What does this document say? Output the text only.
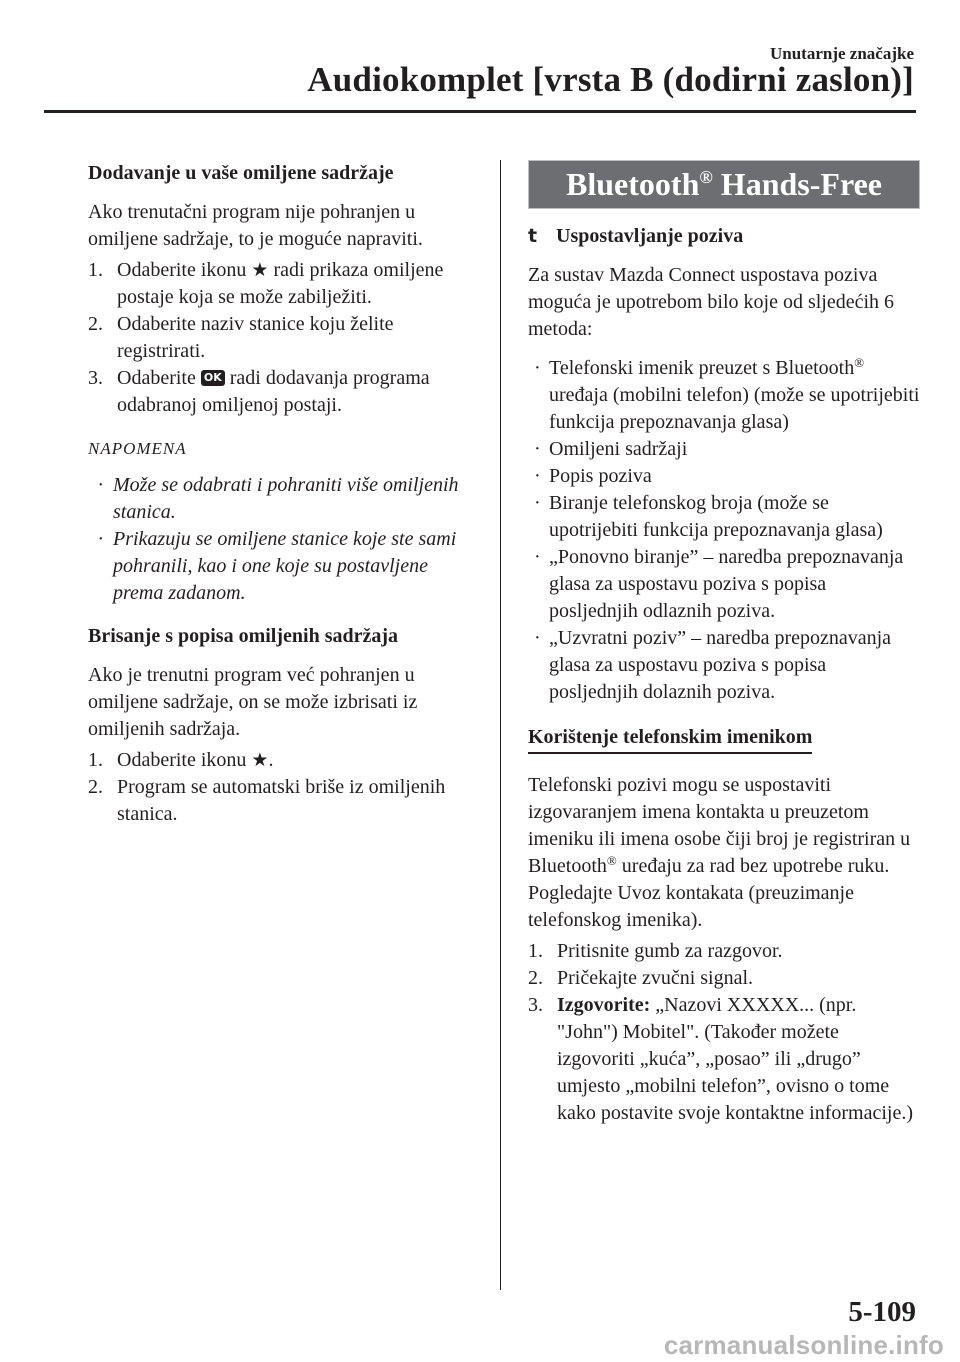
Unutarnje značajke
Audiokomplet [vrsta B (dodirni zaslon)]

Dodavanje u vaše omiljene sadržaje

Ako trenutačni program nije pohranjen u omiljene sadržaje, to je moguće napraviti.

1. Odaberite ikonu ★ radi prikaza omiljene postaje koja se može zabilježiti.
2. Odaberite naziv stanice koju želite registrirati.
3. Odaberite OK radi dodavanja programa odabranoj omiljenoj postaji.

NAPOMENA

· Može se odabrati i pohraniti više omiljenih stanica.
· Prikazuju se omiljene stanice koje ste sami pohranili, kao i one koje su postavljene prema zadanom.

Brisanje s popisa omiljenih sadržaja

Ako je trenutni program već pohranjen u omiljene sadržaje, on se može izbrisati iz omiljenih sadržaja.

1. Odaberite ikonu ★.
2. Program se automatski briše iz omiljenih stanica.
Bluetooth® Hands-Free
t Uspostavljanje poziva

Za sustav Mazda Connect uspostava poziva moguća je upotrebom bilo koje od sljedećih 6 metoda:

· Telefonski imenik preuzet s Bluetooth® uređaja (mobilni telefon) (može se upotrijebiti funkcija prepoznavanja glasa)
· Omiljeni sadržaji
· Popis poziva
· Biranje telefonskog broja (može se upotrijebiti funkcija prepoznavanja glasa)
· „Ponovno biranje” – naredba prepoznavanja glasa za uspostavu poziva s popisa posljednjih odlaznih poziva.
· „Uzvratni poziv” – naredba prepoznavanja glasa za uspostavu poziva s popisa posljednjih dolaznih poziva.
Korištenje telefonskim imenikom

Telefonski pozivi mogu se uspostaviti izgovaranjem imena kontakta u preuzetom imeniku ili imena osobe čiji broj je registriran u Bluetooth® uređaju za rad bez upotrebe ruku. Pogledajte Uvoz kontakata (preuzimanje telefonskog imenika).

1. Pritisnite gumb za razgovor.
2. Pričekajte zvučni signal.
3. Izgovorite: „Nazovi XXXXX... (npr. "John") Mobitel". (Također možete izgovoriti „kuća”, „posao” ili „drugo” umjesto „mobilni telefon”, ovisno o tome kako postavite svoje kontaktne informacije.)
5-109
carmanualsonline.info
